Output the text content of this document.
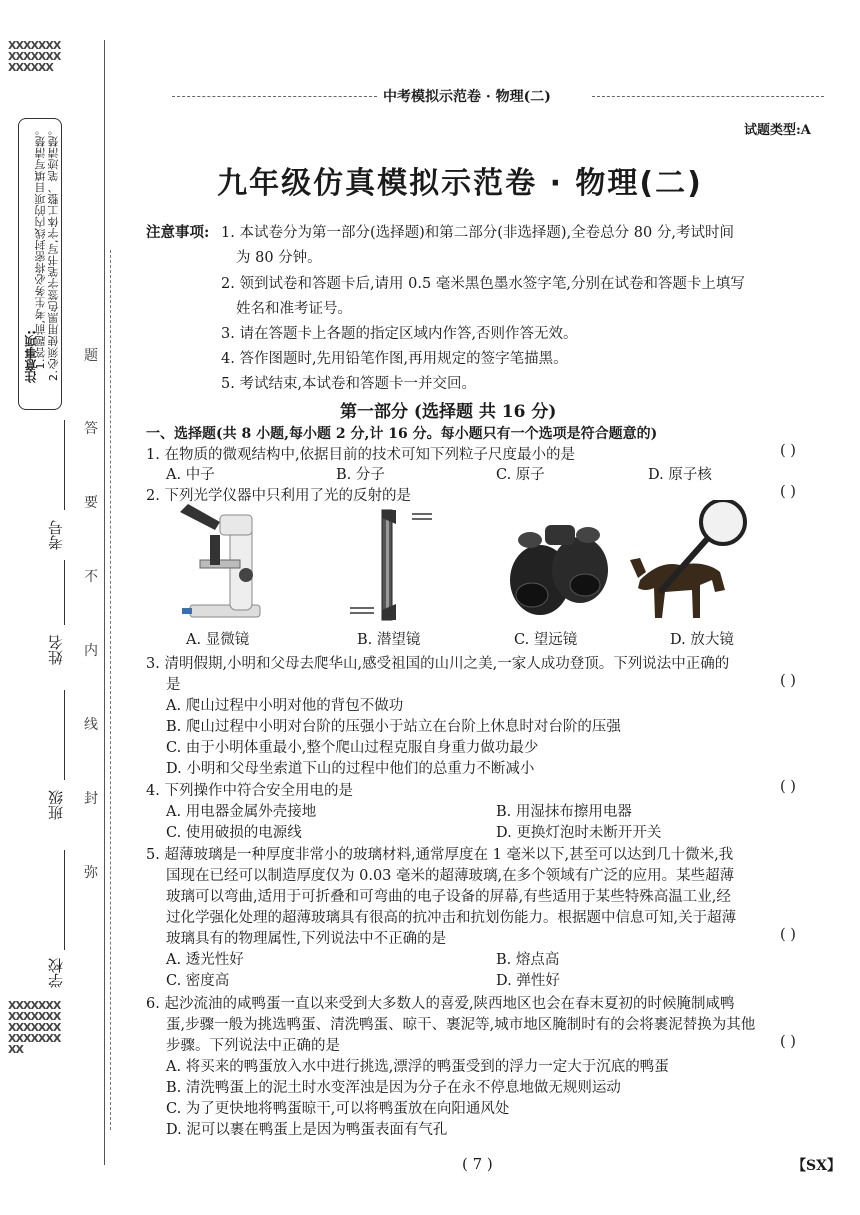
𝝬𝝬𝝬𝝬𝝬𝝬𝝬𝝬𝝬𝝬𝝬𝝬𝝬𝝬𝝬𝝬𝝬𝝬𝝬𝝬
注意事项:
1.答题前,考生务必将密封线内的项目填写清楚。 2.必须使用黑色签字笔书写,字体工整、笔迹清楚。
考号
姓名
班级
学校
题
答
要
不
内
线
封
弥
𝝬𝝬𝝬𝝬𝝬𝝬𝝬𝝬𝝬𝝬𝝬𝝬𝝬𝝬𝝬𝝬𝝬𝝬𝝬𝝬𝝬𝝬𝝬𝝬𝝬𝝬𝝬𝝬𝝬𝝬
中考模拟示范卷 · 物理(二)
试题类型:A
九年级仿真模拟示范卷 · 物理(二)
注意事项: 1. 本试卷分为第一部分(选择题)和第二部分(非选择题),全卷总分 80 分,考试时间
为 80 分钟。
2. 领到试卷和答题卡后,请用 0.5 毫米黑色墨水签字笔,分别在试卷和答题卡上填写
姓名和准考证号。
3. 请在答题卡上各题的指定区域内作答,否则作答无效。
4. 答作图题时,先用铅笔作图,再用规定的签字笔描黑。
5. 考试结束,本试卷和答题卡一并交回。
第一部分 (选择题 共 16 分)
一、选择题(共 8 小题,每小题 2 分,计 16 分。每小题只有一个选项是符合题意的)
1. 在物质的微观结构中,依据目前的技术可知下列粒子尺度最小的是	( )
A. 中子	B. 分子	C. 原子	D. 原子核
2. 下列光学仪器中只利用了光的反射的是	( )
A. 显微镜	B. 潜望镜	C. 望远镜	D. 放大镜
3. 清明假期,小明和父母去爬华山,感受祖国的山川之美,一家人成功登顶。下列说法中正确的
是	( )
A. 爬山过程中小明对他的背包不做功
B. 爬山过程中小明对台阶的压强小于站立在台阶上休息时对台阶的压强
C. 由于小明体重最小,整个爬山过程克服自身重力做功最少
D. 小明和父母坐索道下山的过程中他们的总重力不断减小
4. 下列操作中符合安全用电的是	( )
A. 用电器金属外壳接地	B. 用湿抹布擦用电器
C. 使用破损的电源线	D. 更换灯泡时未断开开关
5. 超薄玻璃是一种厚度非常小的玻璃材料,通常厚度在 1 毫米以下,甚至可以达到几十微米,我
国现在已经可以制造厚度仅为 0.03 毫米的超薄玻璃,在多个领域有广泛的应用。某些超薄
玻璃可以弯曲,适用于可折叠和可弯曲的电子设备的屏幕,有些适用于某些特殊高温工业,经
过化学强化处理的超薄玻璃具有很高的抗冲击和抗划伤能力。根据题中信息可知,关于超薄
玻璃具有的物理属性,下列说法中不正确的是	( )
A. 透光性好	B. 熔点高
C. 密度高	D. 弹性好
6. 起沙流油的咸鸭蛋一直以来受到大多数人的喜爱,陕西地区也会在春末夏初的时候腌制咸鸭
蛋,步骤一般为挑选鸭蛋、清洗鸭蛋、晾干、裹泥等,城市地区腌制时有的会将裹泥替换为其他
步骤。下列说法中正确的是	( )
A. 将买来的鸭蛋放入水中进行挑选,漂浮的鸭蛋受到的浮力一定大于沉底的鸭蛋
B. 清洗鸭蛋上的泥土时水变浑浊是因为分子在永不停息地做无规则运动
C. 为了更快地将鸭蛋晾干,可以将鸭蛋放在向阳通风处
D. 泥可以裹在鸭蛋上是因为鸭蛋表面有气孔
( 7 )	【SX】
